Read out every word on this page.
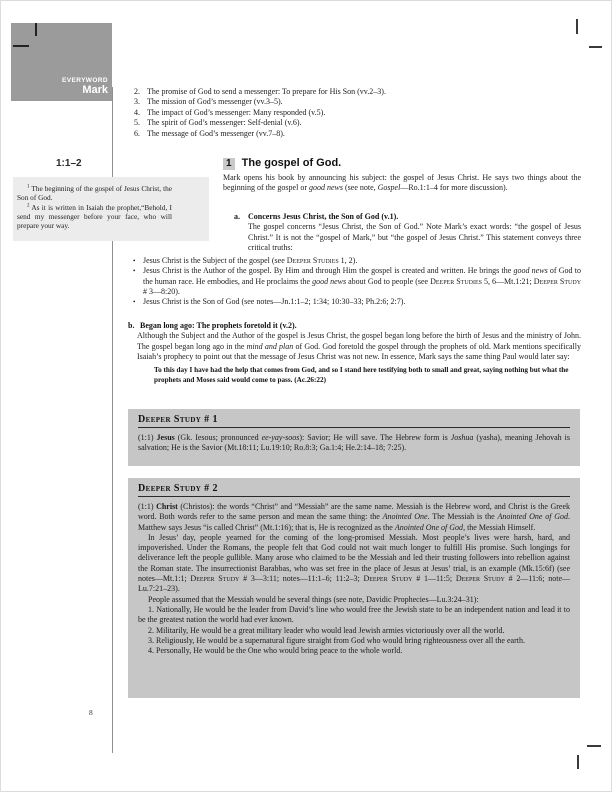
EVERYWORD
Mark	2. The promise of God to send a messenger: To prepare for His Son (vv.2–3).
3. The mission of God’s messenger (vv.3–5).
4. The impact of God’s messenger: Many responded (v.5).
5. The spirit of God’s messenger: Self-denial (v.6).
6. The message of God’s messenger (vv.7–8).
1:1–2

$^1$ The beginning of the gospel of Jesus Christ, the Son of God.

$^2$ As it is written in Isaiah the prophet,“Behold, I send my messenger before your face, who will prepare your way.

1 The gospel of God.
Mark opens his book by announcing his subject: the gospel of Jesus Christ. He says two things about the beginning of the gospel or good news (see note, Gospel—Ro.1:1–4 for more discussion).
a. Concerns Jesus Christ, the Son of God (v.1).
The gospel concerns “Jesus Christ, the Son of God.” Note Mark’s exact words: “the gospel of Jesus Christ.” It is not the “gospel of Mark,” but “the gospel of Jesus Christ.” This statement conveys three critical truths:
• Jesus Christ is the Subject of the gospel (see Deeper Studies 1, 2).
• Jesus Christ is the Author of the gospel. By Him and through Him the gospel is created and written. He brings the good news of God to the human race. He embodies, and He proclaims the good news about God to people (see Deeper Studies 5, 6—Mt.1:21; Deeper Study # 3—8:20).
• Jesus Christ is the Son of God (see notes—Jn.1:1–2; 1:34; 10:30–33; Ph.2:6; 2:7).
b. Began long ago: The prophets foretold it (v.2).
Although the Subject and the Author of the gospel is Jesus Christ, the gospel began long before the birth of Jesus and the ministry of John. The gospel began long ago in the mind and plan of God. God foretold the gospel through the prophets of old. Mark mentions specifically Isaiah’s prophecy to point out that the message of Jesus Christ was not new. In essence, Mark says the same thing Paul would later say:
To this day I have had the help that comes from God, and so I stand here testifying both to small and great, saying nothing but what the prophets and Moses said would come to pass. (Ac.26:22)
Deeper Study # 1

(1:1) Jesus (Gk. Iesous; pronounced ee-yay-soos): Savior; He will save. The Hebrew form is Joshua (yasha), meaning Jehovah is salvation; He is the Savior (Mt.18:11; Lu.19:10; Ro.8:3; Ga.1:4; He.2:14–18; 7:25).

Deeper Study # 2

(1:1) Christ (Christos): the words “Christ” and “Messiah” are the same name. Messiah is the Hebrew word, and Christ is the Greek word. Both words refer to the same person and mean the same thing: the Anointed One. The Messiah is the Anointed One of God. Matthew says Jesus “is called Christ” (Mt.1:16); that is, He is recognized as the Anointed One of God, the Messiah Himself.

In Jesus’ day, people yearned for the coming of the long-promised Messiah. Most people’s lives were harsh, hard, and impoverished. Under the Romans, the people felt that God could not wait much longer to fulfill His promise. Such longings for deliverance left the people gullible. Many arose who claimed to be the Messiah and led their trusting followers into rebellion against the Roman state. The insurrectionist Barabbas, who was set free in the place of Jesus at Jesus’ trial, is an example (Mk.15:6f) (see notes—Mt.1:1; Deeper Study # 3—3:11; notes—11:1–6; 11:2–3; Deeper Study # 1—11:5; Deeper Study # 2—11:6; note—Lu.7:21–23).

People assumed that the Messiah would be several things (see note, Davidic Prophecies—Lu.3:24–31):

1. Nationally, He would be the leader from David’s line who would free the Jewish state to be an independent nation and lead it to be the greatest nation the world had ever known.

2. Militarily, He would be a great military leader who would lead Jewish armies victoriously over all the world.

3. Religiously, He would be a supernatural figure straight from God who would bring righteousness over all the earth.

4. Personally, He would be the One who would bring peace to the whole world.

8
